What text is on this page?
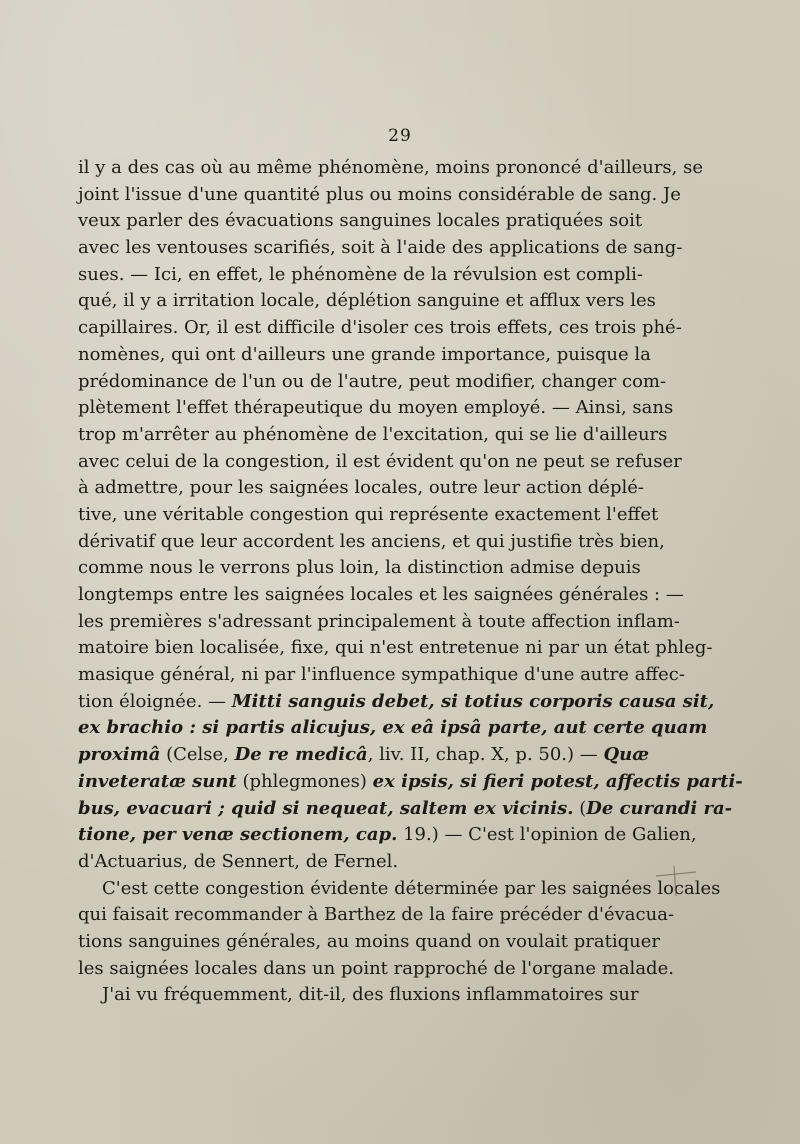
29
il y a des cas où au même phénomène, moins prononcé d'ailleurs, se
joint l'issue d'une quantité plus ou moins considérable de sang. Je
veux parler des évacuations sanguines locales pratiquées soit
avec les ventouses scarifiés, soit à l'aide des applications de sang-
sues. — Ici, en effet, le phénomène de la révulsion est compli-
qué, il y a irritation locale, déplétion sanguine et afflux vers les
capillaires. Or, il est difficile d'isoler ces trois effets, ces trois phé-
nomènes, qui ont d'ailleurs une grande importance, puisque la
prédominance de l'un ou de l'autre, peut modifier, changer com-
plètement l'effet thérapeutique du moyen employé. — Ainsi, sans
trop m'arrêter au phénomène de l'excitation, qui se lie d'ailleurs
avec celui de la congestion, il est évident qu'on ne peut se refuser
à admettre, pour les saignées locales, outre leur action déplé-
tive, une véritable congestion qui représente exactement l'effet
dérivatif que leur accordent les anciens, et qui justifie très bien,
comme nous le verrons plus loin, la distinction admise depuis
longtemps entre les saignées locales et les saignées générales : —
les premières s'adressant principalement à toute affection inflam-
matoire bien localisée, fixe, qui n'est entretenue ni par un état phleg-
masique général, ni par l'influence sympathique d'une autre affec-
tion éloignée. — Mitti sanguis debet, si totius corporis causa sit,
ex brachio : si partis alicujus, ex eâ ipsâ parte, aut certe quam
proximâ (Celse, De re medicâ, liv. II, chap. X, p. 50.) — Quæ
inveteratæ sunt (phlegmones) ex ipsis, si fieri potest, affectis parti-
bus, evacuari ; quid si nequeat, saltem ex vicinis. (De curandi ra-
tione, per venæ sectionem, cap. 19.) — C'est l'opinion de Galien,
d'Actuarius, de Sennert, de Fernel.
C'est cette congestion évidente déterminée par les saignées locales
qui faisait recommander à Barthez de la faire précéder d'évacua-
tions sanguines générales, au moins quand on voulait pratiquer
les saignées locales dans un point rapproché de l'organe malade.
J'ai vu fréquemment, dit-il, des fluxions inflammatoires sur
